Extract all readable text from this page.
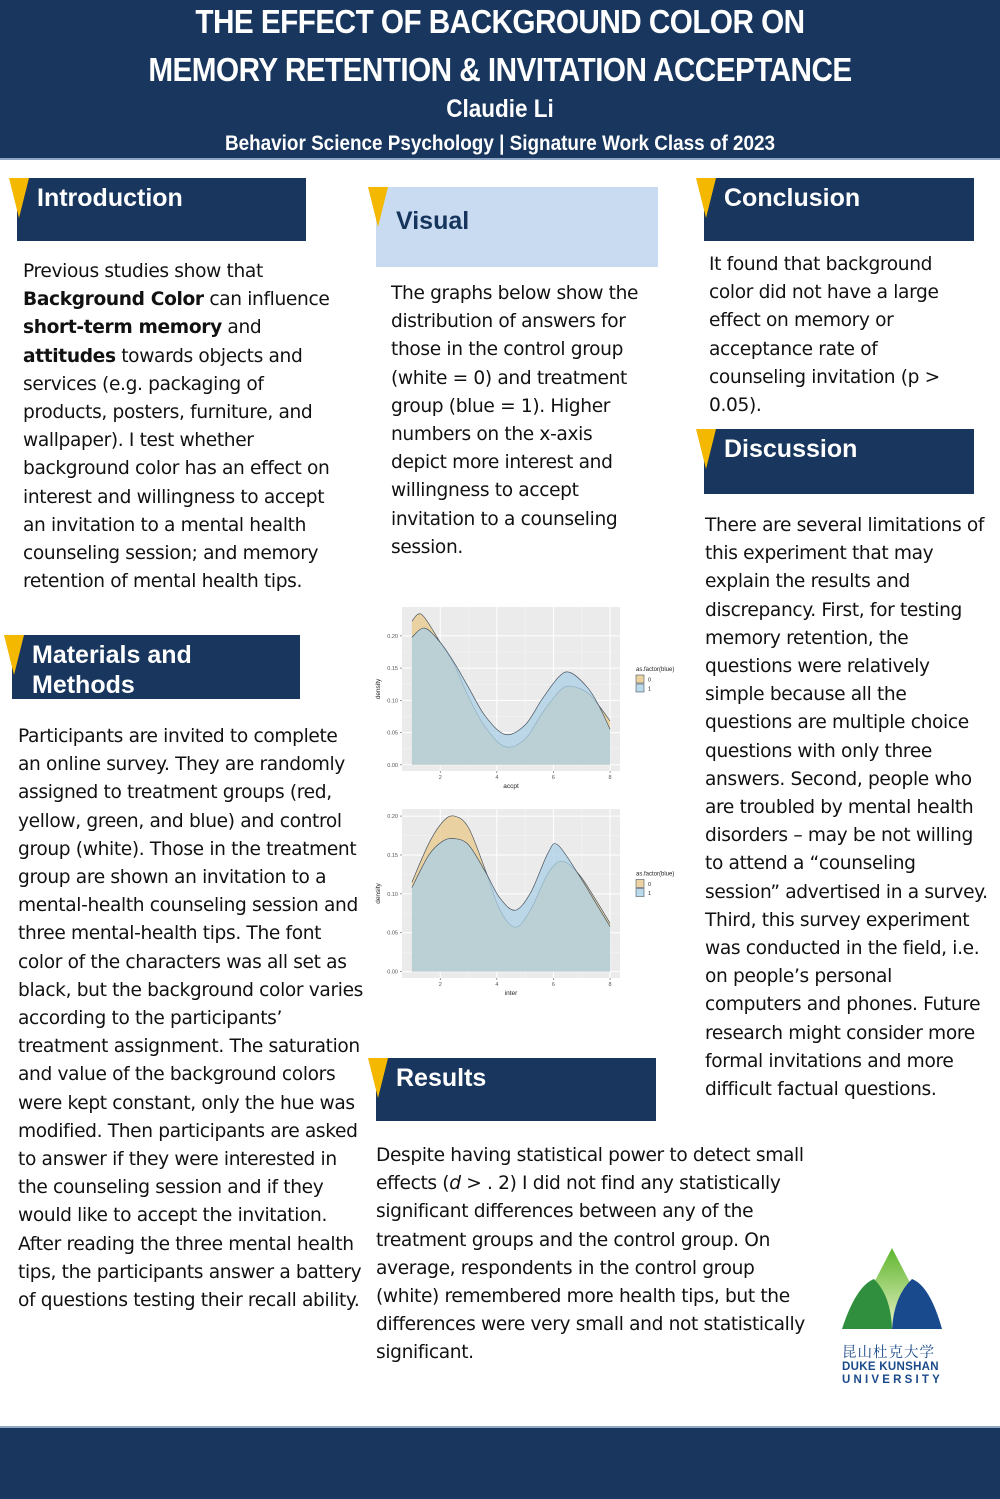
THE EFFECT OF BACKGROUND COLOR ON
MEMORY RETENTION & INVITATION ACCEPTANCE
Claudie Li
Behavior Science Psychology | Signature Work Class of 2023
Introduction
Previous studies show that Background Color can influence short-term memory and attitudes towards objects and services (e.g. packaging of products, posters, furniture, and wallpaper). I test whether background color has an effect on interest and willingness to accept an invitation to a mental health counseling session; and memory retention of mental health tips.
Materials and
Methods
Participants are invited to complete an online survey. They are randomly assigned to treatment groups (red, yellow, green, and blue) and control group (white). Those in the treatment group are shown an invitation to a mental-health counseling session and three mental-health tips. The font color of the characters was all set as black, but the background color varies according to the participants’ treatment assignment. The saturation and value of the background colors were kept constant, only the hue was modified. Then participants are asked to answer if they were interested in the counseling session and if they would like to accept the invitation. After reading the three mental health tips, the participants answer a battery of questions testing their recall ability.
Visual
The graphs below show the distribution of answers for those in the control group (white = 0) and treatment group (blue = 1). Higher numbers on the x-axis depict more interest and willingness to accept invitation to a counseling session.
0.00
0.05
0.10
0.15
0.20
2	4	6	8
accpt
density
as.factor(blue)
0
1
0.00
0.05
0.10
0.15
0.20
2	4	6	8
inter
density
as.factor(blue)
0
1
Results
Despite having statistical power to detect small effects (d > . 2) I did not find any statistically significant differences between any of the treatment groups and the control group. On average, respondents in the control group (white) remembered more health tips, but the differences were very small and not statistically significant.
Conclusion
It found that background color did not have a large effect on memory or acceptance rate of counseling invitation (p > 0.05).
Discussion
There are several limitations of this experiment that may explain the results and discrepancy. First, for testing memory retention, the questions were relatively simple because all the questions are multiple choice questions with only three answers. Second, people who are troubled by mental health disorders – may be not willing to attend a “counseling session” advertised in a survey. Third, this survey experiment was conducted in the field, i.e. on people’s personal computers and phones. Future research might consider more formal invitations and more difficult factual questions.
昆山杜克大学
DUKE KUNSHAN
UNIVERSITY
